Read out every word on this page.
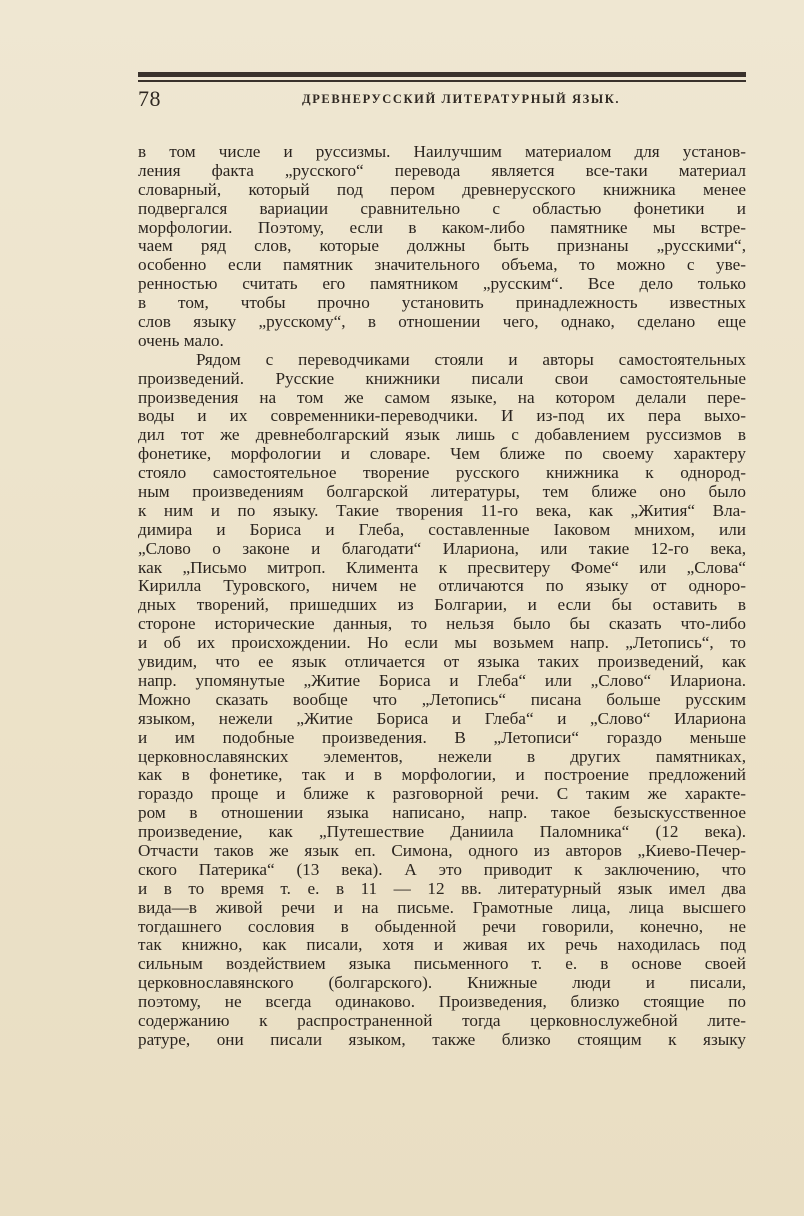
78	ДРЕВНЕРУССКИЙ ЛИТЕРАТУРНЫЙ ЯЗЫК.
в том числе и руссизмы. Наилучшим материалом для установ-
ления факта „русского“ перевода является все-таки материал
словарный, который под пером древнерусского книжника менее
подвергался вариации сравнительно с областью фонетики и
морфологии. Поэтому, если в каком-либо памятнике мы встре-
чаем ряд слов, которые должны быть признаны „русскими“,
особенно если памятник значительного объема, то можно с уве-
ренностью считать его памятником „русским“. Все дело только
в том, чтобы прочно установить принадлежность известных
слов языку „русскому“, в отношении чего, однако, сделано еще
очень мало.
Рядом с переводчиками стояли и авторы самостоятельных
произведений. Русские книжники писали свои самостоятельные
произведения на том же самом языке, на котором делали пере-
воды и их современники-переводчики. И из-под их пера выхо-
дил тот же древнеболгарский язык лишь с добавлением руссизмов в
фонетике, морфологии и словаре. Чем ближе по своему характеру
стояло самостоятельное творение русского книжника к однород-
ным произведениям болгарской литературы, тем ближе оно было
к ним и по языку. Такие творения 11-го века, как „Жития“ Вла-
димира и Бориса и Глеба, составленные Іаковом мнихом, или
„Слово о законе и благодати“ Илариона, или такие 12-го века,
как „Письмо митроп. Климента к пресвитеру Фоме“ или „Слова“
Кирилла Туровского, ничем не отличаются по языку от одноро-
дных творений, пришедших из Болгарии, и если бы оставить в
стороне исторические данныя, то нельзя было бы сказать что-либо
и об их происхождении. Но если мы возьмем напр. „Летопись“, то
увидим, что ее язык отличается от языка таких произведений, как
напр. упомянутые „Житие Бориса и Глеба“ или „Слово“ Илариона.
Можно сказать вообще что „Летопись“ писана больше русским
языком, нежели „Житие Бориса и Глеба“ и „Слово“ Илариона
и им подобные произведения. В „Летописи“ гораздо меньше
церковнославянских элементов, нежели в других памятниках,
как в фонетике, так и в морфологии, и построение предложений
гораздо проще и ближе к разговорной речи. С таким же характе-
ром в отношении языка написано, напр. такое безыскусственное
произведение, как „Путешествие Даниила Паломника“ (12 века).
Отчасти таков же язык еп. Симона, одного из авторов „Киево-Печер-
ского Патерика“ (13 века). А это приводит к заключению, что
и в то время т. е. в 11 — 12 вв. литературный язык имел два
вида—в живой речи и на письме. Грамотные лица, лица высшего
тогдашнего сословия в обыденной речи говорили, конечно, не
так книжно, как писали, хотя и живая их речь находилась под
сильным воздействием языка письменного т. е. в основе своей
церковнославянского (болгарского). Книжные люди и писали,
поэтому, не всегда одинаково. Произведения, близко стоящие по
содержанию к распространенной тогда церковнослужебной лите-
ратуре, они писали языком, также близко стоящим к языку
